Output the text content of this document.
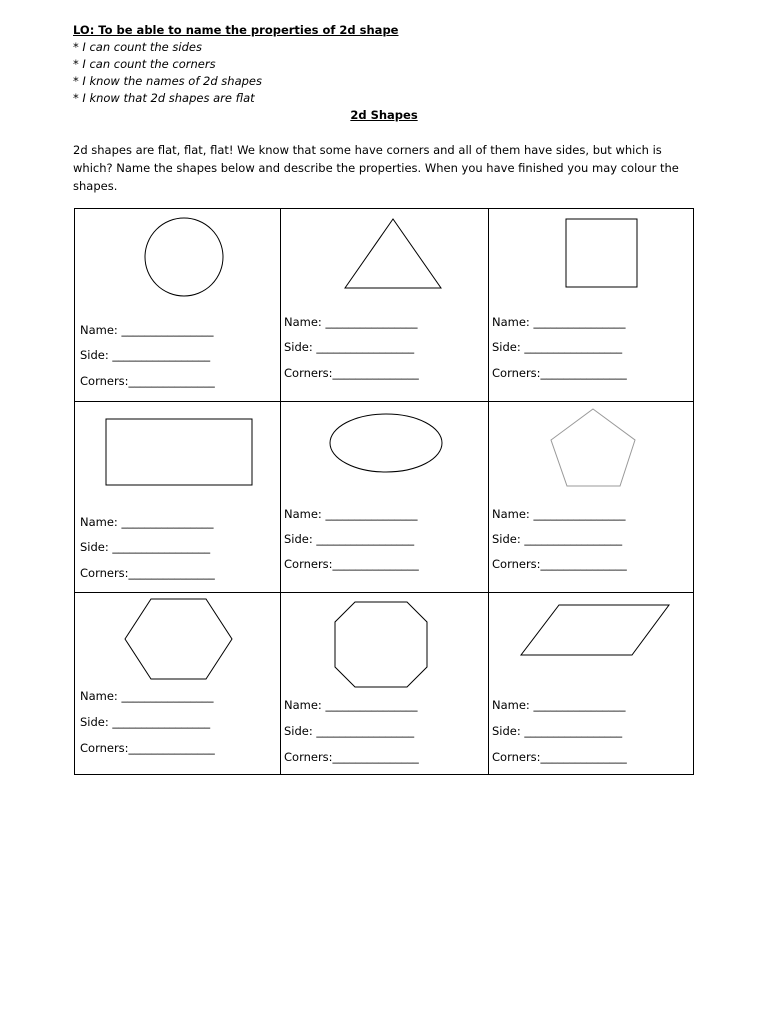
LO: To be able to name the properties of 2d shape
* I can count the sides
* I can count the corners
* I know the names of 2d shapes
* I know that 2d shapes are flat
2d Shapes
2d shapes are flat, flat, flat! We know that some have corners and all of them have sides, but which is which? Name the shapes below and describe the properties. When you have finished you may colour the shapes.
Name: ________________
Side: _________________
Corners:_______________
Name: ________________
Side: _________________
Corners:_______________
Name: ________________
Side: _________________
Corners:_______________
Name: ________________
Side: _________________
Corners:_______________
Name: ________________
Side: _________________
Corners:_______________
Name: ________________
Side: _________________
Corners:_______________
Name: ________________
Side: _________________
Corners:_______________
Name: ________________
Side: _________________
Corners:_______________
Name: ________________
Side: _________________
Corners:_______________
